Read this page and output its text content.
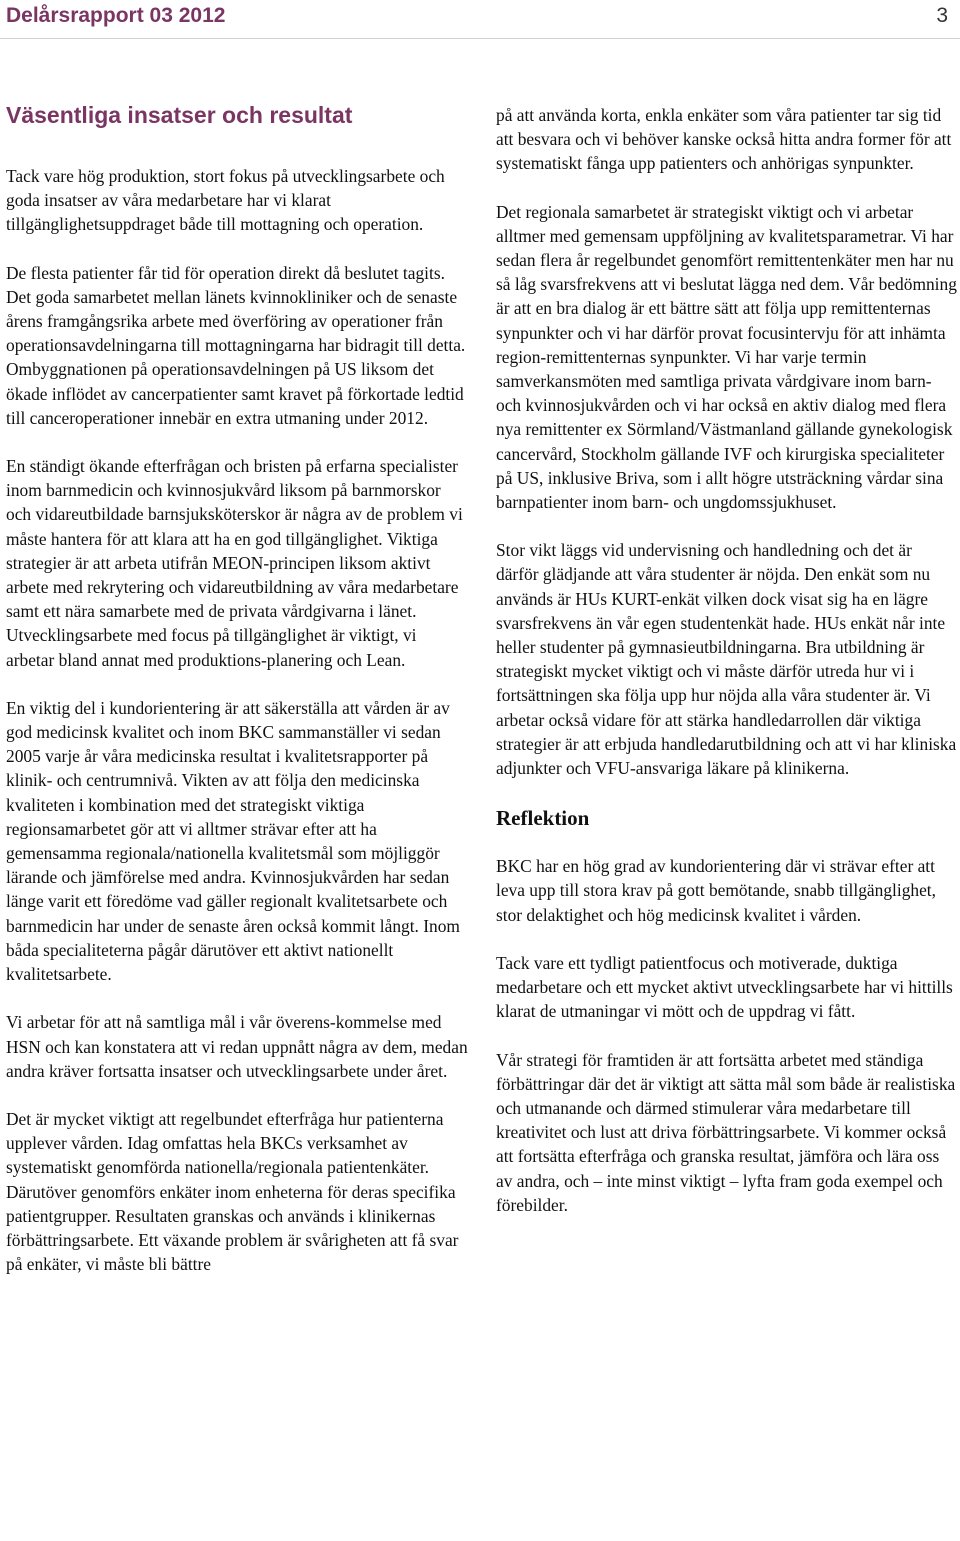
Delårsrapport 03 2012	3
Väsentliga insatser och resultat

Tack vare hög produktion, stort fokus på utvecklingsarbete och goda insatser av våra medarbetare har vi klarat tillgänglighetsuppdraget både till mottagning och operation.

De flesta patienter får tid för operation direkt då beslutet tagits. Det goda samarbetet mellan länets kvinnokliniker och de senaste årens framgångsrika arbete med överföring av operationer från operationsavdelningarna till mottagningarna har bidragit till detta. Ombyggnationen på operationsavdelningen på US liksom det ökade inflödet av cancerpatienter samt kravet på förkortade ledtid till canceroperationer innebär en extra utmaning under 2012.

En ständigt ökande efterfrågan och bristen på erfarna specialister inom barnmedicin och kvinnosjukvård liksom på barnmorskor och vidareutbildade barnsjuksköterskor är några av de problem vi måste hantera för att klara att ha en god tillgänglighet. Viktiga strategier är att arbeta utifrån MEON-principen liksom aktivt arbete med rekrytering och vidareutbildning av våra medarbetare samt ett nära samarbete med de privata vårdgivarna i länet. Utvecklingsarbete med focus på tillgänglighet är viktigt, vi arbetar bland annat med produktions-planering och Lean.

En viktig del i kundorientering är att säkerställa att vården är av god medicinsk kvalitet och inom BKC sammanställer vi sedan 2005 varje år våra medicinska resultat i kvalitetsrapporter på klinik- och centrumnivå. Vikten av att följa den medicinska kvaliteten i kombination med det strategiskt viktiga regionsamarbetet gör att vi alltmer strävar efter att ha gemensamma regionala/nationella kvalitetsmål som möjliggör lärande och jämförelse med andra. Kvinnosjukvården har sedan länge varit ett föredöme vad gäller regionalt kvalitetsarbete och barnmedicin har under de senaste åren också kommit långt. Inom båda specialiteterna pågår därutöver ett aktivt nationellt kvalitetsarbete.

Vi arbetar för att nå samtliga mål i vår överens-kommelse med HSN och kan konstatera att vi redan uppnått några av dem, medan andra kräver fortsatta insatser och utvecklingsarbete under året.

Det är mycket viktigt att regelbundet efterfråga hur patienterna upplever vården. Idag omfattas hela BKCs verksamhet av systematiskt genomförda nationella/regionala patientenkäter. Därutöver genomförs enkäter inom enheterna för deras specifika patientgrupper. Resultaten granskas och används i klinikernas förbättringsarbete. Ett växande problem är svårigheten att få svar på enkäter, vi måste bli bättre

på att använda korta, enkla enkäter som våra patienter tar sig tid att besvara och vi behöver kanske också hitta andra former för att systematiskt fånga upp patienters och anhörigas synpunkter.

Det regionala samarbetet är strategiskt viktigt och vi arbetar alltmer med gemensam uppföljning av kvalitetsparametrar. Vi har sedan flera år regelbundet genomfört remittentenkäter men har nu så låg svarsfrekvens att vi beslutat lägga ned dem. Vår bedömning är att en bra dialog är ett bättre sätt att följa upp remittenternas synpunkter och vi har därför provat focusintervju för att inhämta region-remittenternas synpunkter. Vi har varje termin samverkansmöten med samtliga privata vårdgivare inom barn- och kvinnosjukvården och vi har också en aktiv dialog med flera nya remittenter ex Sörmland/Västmanland gällande gynekologisk cancervård, Stockholm gällande IVF och kirurgiska specialiteter på US, inklusive Briva, som i allt högre utsträckning vårdar sina barnpatienter inom barn- och ungdomssjukhuset.

Stor vikt läggs vid undervisning och handledning och det är därför glädjande att våra studenter är nöjda. Den enkät som nu används är HUs KURT-enkät vilken dock visat sig ha en lägre svarsfrekvens än vår egen studentenkät hade. HUs enkät når inte heller studenter på gymnasieutbildningarna. Bra utbildning är strategiskt mycket viktigt och vi måste därför utreda hur vi i fortsättningen ska följa upp hur nöjda alla våra studenter är. Vi arbetar också vidare för att stärka handledarrollen där viktiga strategier är att erbjuda handledarutbildning och att vi har kliniska adjunkter och VFU-ansvariga läkare på klinikerna.

Reflektion

BKC har en hög grad av kundorientering där vi strävar efter att leva upp till stora krav på gott bemötande, snabb tillgänglighet, stor delaktighet och hög medicinsk kvalitet i vården.

Tack vare ett tydligt patientfocus och motiverade, duktiga medarbetare och ett mycket aktivt utvecklingsarbete har vi hittills klarat de utmaningar vi mött och de uppdrag vi fått.

Vår strategi för framtiden är att fortsätta arbetet med ständiga förbättringar där det är viktigt att sätta mål som både är realistiska och utmanande och därmed stimulerar våra medarbetare till kreativitet och lust att driva förbättringsarbete. Vi kommer också att fortsätta efterfråga och granska resultat, jämföra och lära oss av andra, och – inte minst viktigt – lyfta fram goda exempel och förebilder.
